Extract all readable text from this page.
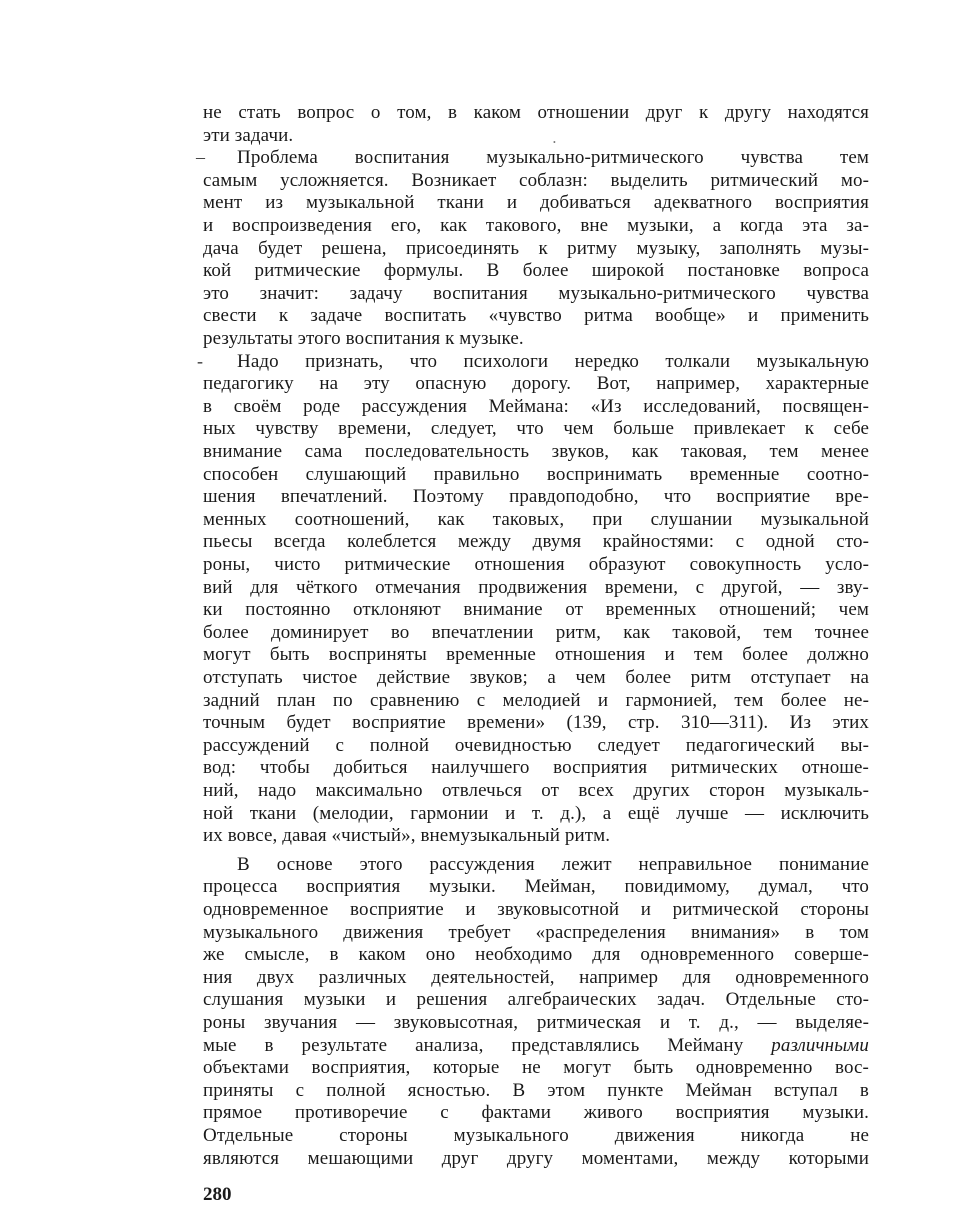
•
не стать вопрос о том, в каком отношении друг к другу находятся
эти задачи.
– Проблема воспитания музыкально-ритмического чувства тем
самым усложняется. Возникает соблазн: выделить ритмический мо-
мент из музыкальной ткани и добиваться адекватного восприятия
и воспроизведения его, как такового, вне музыки, а когда эта за-
дача будет решена, присоединять к ритму музыку, заполнять музы-
кой ритмические формулы. В более широкой постановке вопроса
это значит: задачу воспитания музыкально-ритмического чувства
свести к задаче воспитать «чувство ритма вообще» и применить
результаты этого воспитания к музыке.
- Надо признать, что психологи нередко толкали музыкальную
педагогику на эту опасную дорогу. Вот, например, характерные
в своём роде рассуждения Меймана: «Из исследований, посвящен-
ных чувству времени, следует, что чем больше привлекает к себе
внимание сама последовательность звуков, как таковая, тем менее
способен слушающий правильно воспринимать временные соотно-
шения впечатлений. Поэтому правдоподобно, что восприятие вре-
менных соотношений, как таковых, при слушании музыкальной
пьесы всегда колеблется между двумя крайностями: с одной сто-
роны, чисто ритмические отношения образуют совокупность усло-
вий для чёткого отмечания продвижения времени, с другой, — зву-
ки постоянно отклоняют внимание от временных отношений; чем
более доминирует во впечатлении ритм, как таковой, тем точнее
могут быть восприняты временные отношения и тем более должно
отступать чистое действие звуков; а чем более ритм отступает на
задний план по сравнению с мелодией и гармонией, тем более не-
точным будет восприятие времени» (139, стр. 310—311). Из этих
рассуждений с полной очевидностью следует педагогический вы-
вод: чтобы добиться наилучшего восприятия ритмических отноше-
ний, надо максимально отвлечься от всех других сторон музыкаль-
ной ткани (мелодии, гармонии и т. д.), а ещё лучше — исключить
их вовсе, давая «чистый», внемузыкальный ритм.
В основе этого рассуждения лежит неправильное понимание
процесса восприятия музыки. Мейман, повидимому, думал, что
одновременное восприятие и звуковысотной и ритмической стороны
музыкального движения требует «распределения внимания» в том
же смысле, в каком оно необходимо для одновременного соверше-
ния двух различных деятельностей, например для одновременного
слушания музыки и решения алгебраических задач. Отдельные сто-
роны звучания — звуковысотная, ритмическая и т. д., — выделяе-
мые в результате анализа, представлялись Мейману различными
объектами восприятия, которые не могут быть одновременно вос-
приняты с полной ясностью. В этом пункте Мейман вступал в
прямое противоречие с фактами живого восприятия музыки.
Отдельные стороны музыкального движения никогда не
являются мешающими друг другу моментами, между которыми
280
